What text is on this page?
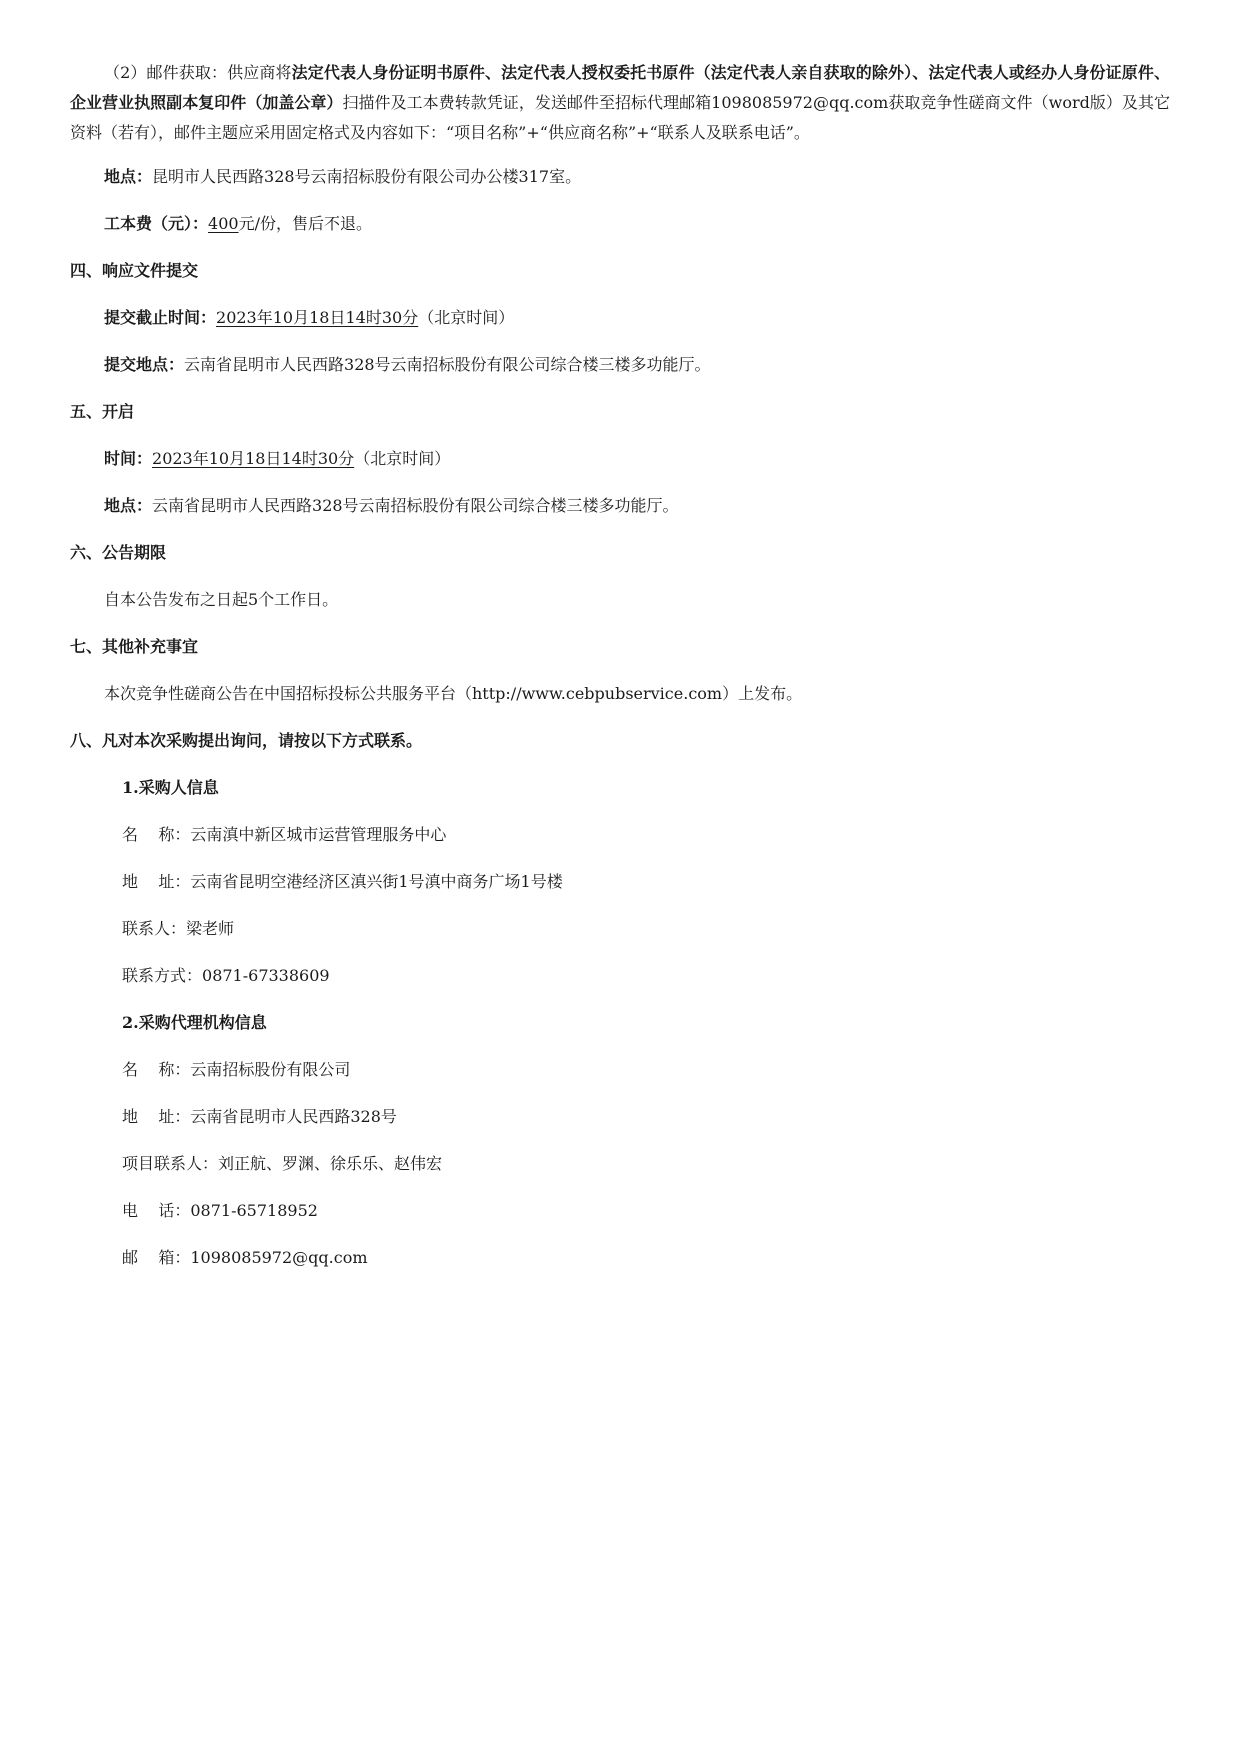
（2）邮件获取：供应商将法定代表人身份证明书原件、法定代表人授权委托书原件（法定代表人亲自获取的除外）、法定代表人或经办人身份证原件、企业营业执照副本复印件（加盖公章）扫描件及工本费转款凭证，发送邮件至招标代理邮箱1098085972@qq.com获取竞争性磋商文件（word版）及其它资料（若有），邮件主题应采用固定格式及内容如下：“项目名称”+“供应商名称”+“联系人及联系电话”。

地点：昆明市人民西路328号云南招标股份有限公司办公楼317室。
工本费（元）：400元/份，售后不退。
四、响应文件提交
提交截止时间：2023年10月18日14时30分（北京时间）
提交地点：云南省昆明市人民西路328号云南招标股份有限公司综合楼三楼多功能厅。
五、开启
时间：2023年10月18日14时30分（北京时间）
地点：云南省昆明市人民西路328号云南招标股份有限公司综合楼三楼多功能厅。
六、公告期限
自本公告发布之日起5个工作日。
七、其他补充事宜
本次竞争性磋商公告在中国招标投标公共服务平台（http://www.cebpubservice.com）上发布。
八、凡对本次采购提出询问，请按以下方式联系。
1.采购人信息
名    称：云南滇中新区城市运营管理服务中心
地    址：云南省昆明空港经济区滇兴街1号滇中商务广场1号楼
联系人：梁老师
联系方式：0871-67338609
2.采购代理机构信息
名    称：云南招标股份有限公司
地    址：云南省昆明市人民西路328号
项目联系人：刘正航、罗渊、徐乐乐、赵伟宏
电    话：0871-65718952
邮    箱：1098085972@qq.com
